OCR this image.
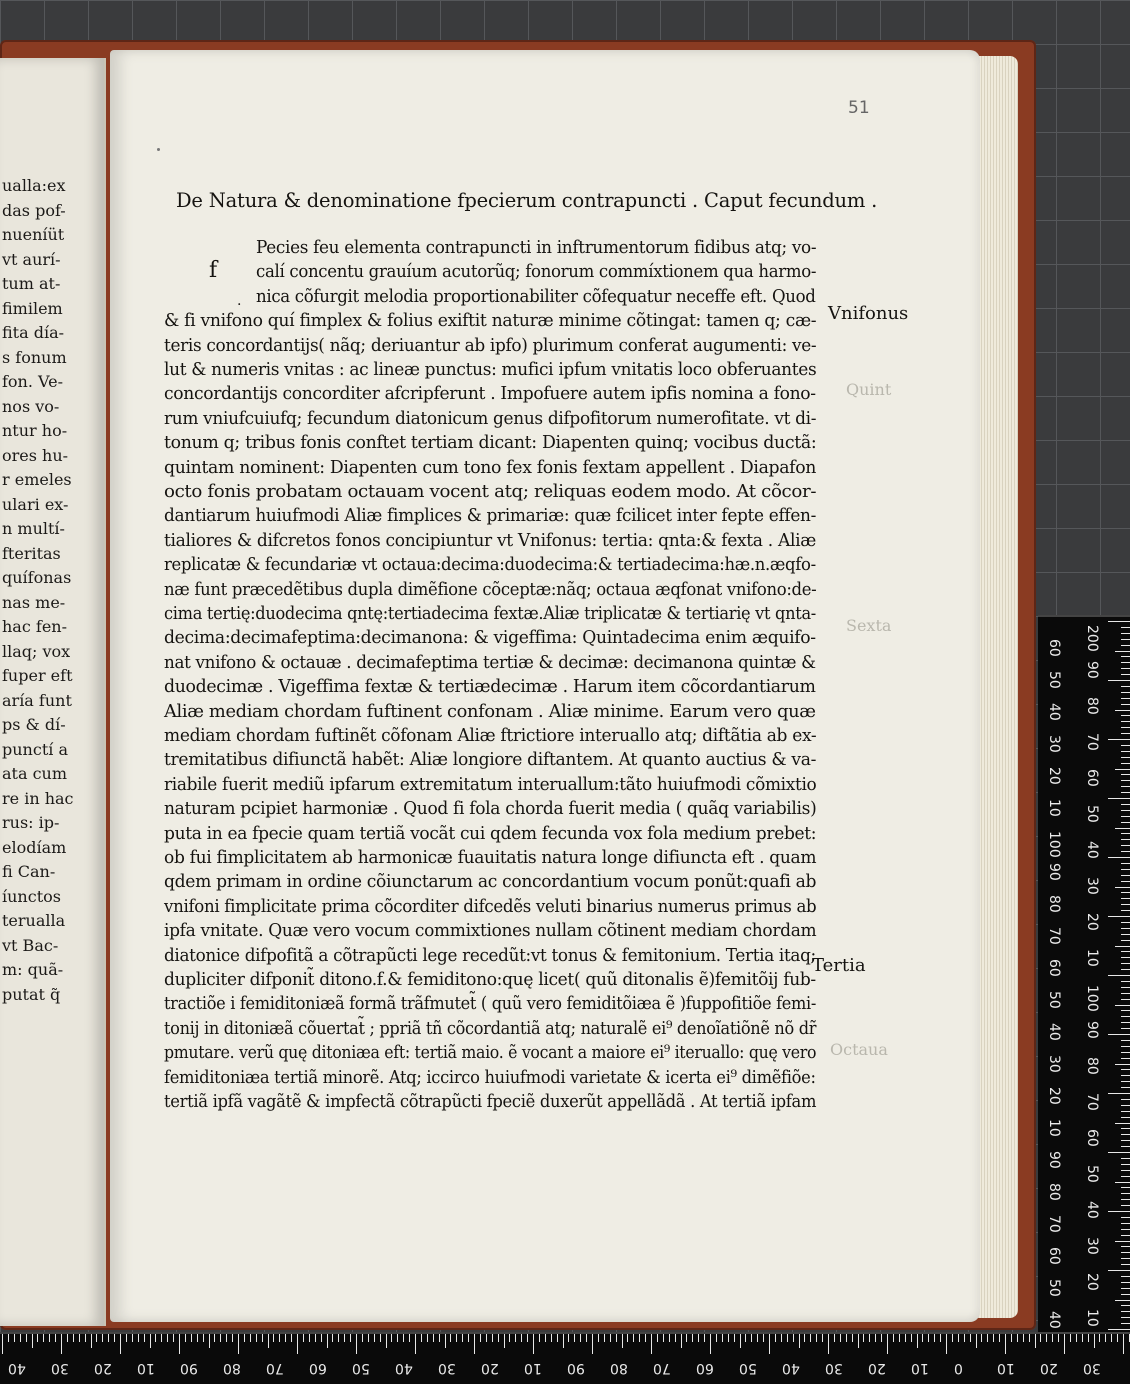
ualla:ex
das pof-
nueníüt
vt aurí-
tum at-
fimilem
fita día-
s fonum
fon. Ve-
nos vo-
ntur ho-
ores hu-
r emeles
ulari ex-
n multí-
fteritas
quífonas
nas me-
hac fen-
llaq; vox
fuper eft
aría funt
ps & dí-
punctí a
ata cum
re in hac
rus: ip-
elodíam
fi Can-
íunctos
terualla
vt Bac-
m: quã-
putat q̃
51
De Natura & denominatione fpecierum contrapuncti . Caput fecundum .
f
.
Pecies feu elementa contrapuncti in inftrumentorum fidibus atq; vo-
calí concentu grauíum acutorũq; fonorum commíxtionem qua harmo-
nica cõfurgit melodia proportionabiliter cõfequatur neceffe eft. Quod
& fi vnifono quí fimplex & folius exiftit naturæ minime cõtingat: tamen q; cæ-
teris concordantijs( nãq; deriuantur ab ipfo) plurimum conferat augumenti: ve-
lut & numeris vnitas : ac lineæ punctus: mufici ipfum vnitatis loco obferuantes
concordantijs concorditer afcripferunt . Impofuere autem ipfis nomina a fono-
rum vniufcuiufq; fecundum diatonicum genus difpofitorum numerofitate. vt di-
tonum q; tribus fonis conftet tertiam dicant: Diapenten quinq; vocibus ductã:
quintam nominent: Diapenten cum tono fex fonis fextam appellent . Diapafon
octo fonis probatam octauam vocent atq; reliquas eodem modo. At cõcor-
dantiarum huiufmodi Aliæ fimplices & primariæ: quæ fcilicet inter fepte effen-
tialiores & difcretos fonos concipiuntur vt Vnifonus: tertia: qnta:& fexta . Aliæ
replicatæ & fecundariæ vt octaua:decima:duodecima:& tertiadecima:hæ.n.æqfo-
næ funt præcedẽtibus dupla dimẽfione cõceptæ:nãq; octaua æqfonat vnifono:de-
cima tertię:duodecima qntę:tertiadecima fextæ.Aliæ triplicatæ & tertiarię vt qnta-
decima:decimafeptima:decimanona: & vigeffima: Quintadecima enim æquifo-
nat vnifono & octauæ . decimafeptima tertiæ & decimæ: decimanona quintæ &
duodecimæ . Vigeffima fextæ & tertiædecimæ . Harum item cõcordantiarum
Aliæ mediam chordam fuftinent confonam . Aliæ minime. Earum vero quæ
mediam chordam fuftinẽt cõfonam Aliæ ftrictiore interuallo atq; diftãtia ab ex-
tremitatibus difiunctã habẽt: Aliæ longiore diftantem. At quanto auctius & va-
riabile fuerit mediũ ipfarum extremitatum interuallum:tãto huiufmodi cõmixtio
naturam pcipiet harmoniæ . Quod fi fola chorda fuerit media ( quãq variabilis)
puta in ea fpecie quam tertiã vocãt cui qdem fecunda vox fola medium prebet:
ob fui fimplicitatem ab harmonicæ fuauitatis natura longe difiuncta eft . quam
qdem primam in ordine cõiunctarum ac concordantium vocum ponũt:quafi ab
vnifoni fimplicitate prima cõcorditer difcedẽs veluti binarius numerus primus ab
ipfa vnitate. Quæ vero vocum commixtiones nullam cõtinent mediam chordam
diatonice difpofitã a cõtrapũcti lege recedũt:vt tonus & femitonium. Tertia itaq;
dupliciter difponit̃ ditono.f.& femiditono:quę licet( quũ ditonalis ẽ)femitõij fub-
tractiõe i femiditoniæã formã trãfmutet̃ ( quũ vero femiditõiæa ẽ )fuppofitiõe femi-
tonij in ditoniæã cõuertat̃ ; ppriã tñ cõcordantiã atq; naturalẽ ei⁹ denoĩatiõnẽ nõ dr̃
pmutare. verũ quę ditoniæa eft: tertiã maio. ẽ vocant a maiore ei⁹ iteruallo: quę vero
femiditoniæa tertiã minorẽ. Atq; iccirco huiufmodi varietate & icerta ei⁹ dimẽfiõe:
tertiã ipfã vagãtẽ & impfectã cõtrapũcti fpeciẽ duxerũt appellãdã . At tertiã ipfam
Vnifonus
Tertia
Quint
Sexta
Octaua
200
90
80
70
60
50
40
30
20
10
100
90
80
70
60
50
40
30
20
10
60
50
40
30
20
10
100
90
80
70
60
50
40
30
20
10
90
80
70
60
50
40
40 30 20 10 90 80 70 60 50 40 30 20 10 90 80 70 60 50 40 30 20 10 0 10 20 30
